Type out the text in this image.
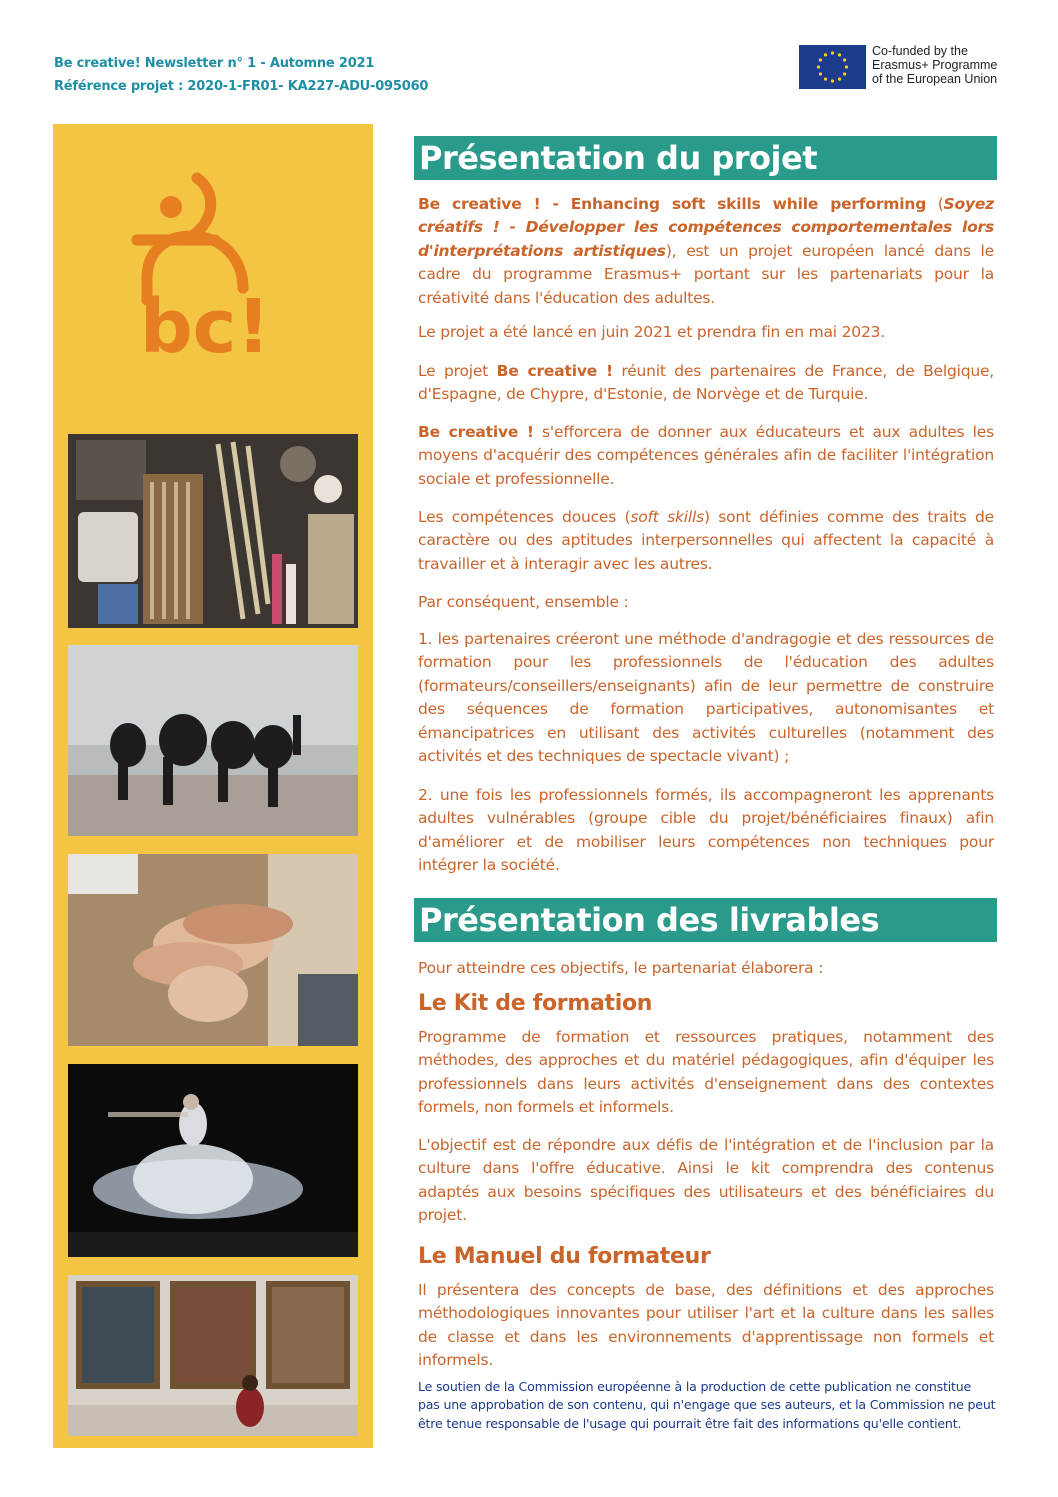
Be creative! Newsletter n° 1 - Automne 2021
Référence projet : 2020-1-FR01- KA227-ADU-095060
Co-funded by the
Erasmus+ Programme
of the European Union
bc!
Présentation du projet

Be creative ! - Enhancing soft skills while performing (Soyez créatifs ! - Développer les compétences comportementales lors d'interprétations artistiques), est un projet européen lancé dans le cadre du programme Erasmus+ portant sur les partenariats pour la créativité dans l'éducation des adultes.

Le projet a été lancé en juin 2021 et prendra fin en mai 2023.

Le projet Be creative ! réunit des partenaires de France, de Belgique, d'Espagne, de Chypre, d'Estonie, de Norvège et de Turquie.

Be creative ! s'efforcera de donner aux éducateurs et aux adultes les moyens d'acquérir des compétences générales afin de faciliter l'intégration sociale et professionnelle.

Les compétences douces (soft skills) sont définies comme des traits de caractère ou des aptitudes interpersonnelles qui affectent la capacité à travailler et à interagir avec les autres.

Par conséquent, ensemble :

1. les partenaires créeront une méthode d'andragogie et des ressources de formation pour les professionnels de l'éducation des adultes (formateurs/conseillers/enseignants) afin de leur permettre de construire des séquences de formation participatives, autonomisantes et émancipatrices en utilisant des activités culturelles (notamment des activités et des techniques de spectacle vivant) ;

2. une fois les professionnels formés, ils accompagneront les apprenants adultes vulnérables (groupe cible du projet/bénéficiaires finaux) afin d'améliorer et de mobiliser leurs compétences non techniques pour intégrer la société.

Présentation des livrables

Pour atteindre ces objectifs, le partenariat élaborera :

Le Kit de formation

Programme de formation et ressources pratiques, notamment des méthodes, des approches et du matériel pédagogiques, afin d'équiper les professionnels dans leurs activités d'enseignement dans des contextes formels, non formels et informels.

L'objectif est de répondre aux défis de l'intégration et de l'inclusion par la culture dans l'offre éducative. Ainsi le kit comprendra des contenus adaptés aux besoins spécifiques des utilisateurs et des bénéficiaires du projet.

Le Manuel du formateur

Il présentera des concepts de base, des définitions et des approches méthodologiques innovantes pour utiliser l'art et la culture dans les salles de classe et dans les environnements d'apprentissage non formels et informels.

Le soutien de la Commission européenne à la production de cette publication ne constitue pas une approbation de son contenu, qui n'engage que ses auteurs, et la Commission ne peut être tenue responsable de l'usage qui pourrait être fait des informations qu'elle contient.
